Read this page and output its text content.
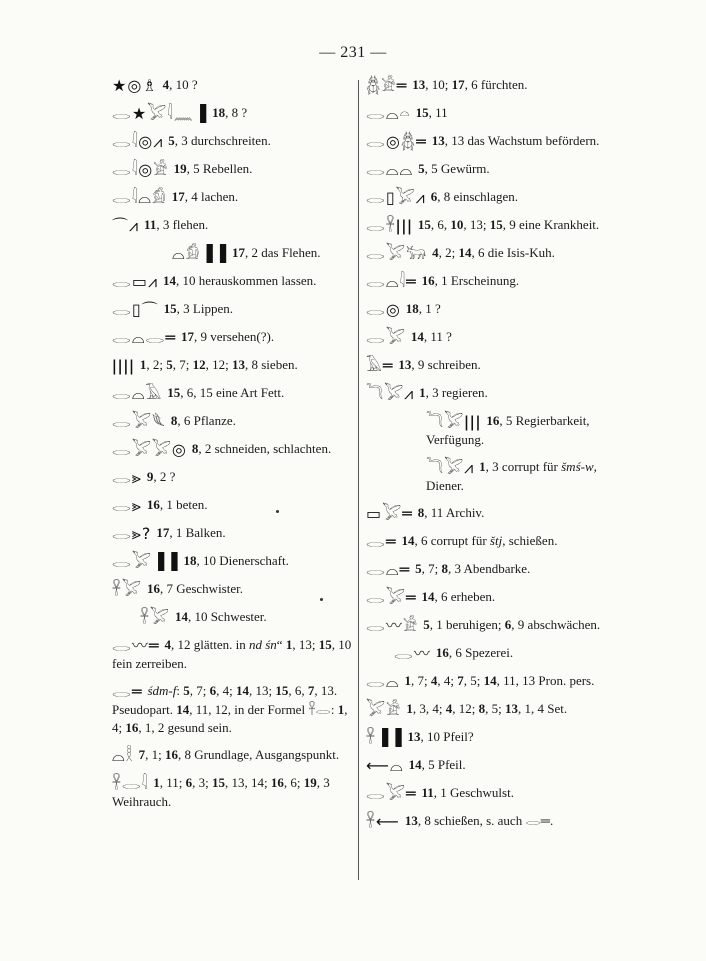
— 231 —
★◎♗ 4, 10 ?
𓂋★𓅯𓇋𓈖▐ 18, 8 ?
𓂋𓇋◎⩘ 5, 3 durchschreiten.
𓂋𓇋◎𓀀 19, 5 Rebellen.
𓂋𓇋⌓𓀁 17, 4 lachen.
⌒⩘ 11, 3 flehen.
⌓𓀁▐▐ 17, 2 das Flehen.
𓂋▭⩘ 14, 10 herauskommen lassen.
𓂋▯⌒ 15, 3 Lippen.
𓂋⌓𓂋═ 17, 9 versehen(?).
ǀǀǀǀ 1, 2; 5, 7; 12, 12; 13, 8 sieben.
𓂋⌓𓄿 15, 6, 15 eine Art Fett.
𓂋𓅯𓆰 8, 6 Pflanze.
𓂋𓅯𓅯◎ 8, 2 schneiden, schlachten.
𓂋⪢ 9, 2 ?
𓂋⪢ 16, 1 beten.
𓂋⪢? 17, 1 Balken.
𓂋𓅯▐▐ 18, 10 Dienerschaft.
𓋹𓅯 16, 7 Geschwister.
𓋹𓅯 14, 10 Schwester.
𓂋〰═ 4, 12 glätten. in nd śn“ 1, 13; 15, 10 fein zerreiben.
𓂋═ śdm-f: 5, 7; 6, 4; 14, 13; 15, 6, 7, 13. Pseudopart. 14, 11, 12, in der Formel 𓋹𓂋: 1, 4; 16, 1, 2 gesund sein.
⌓𓎛 7, 1; 16, 8 Grundlage, Ausgangspunkt.
𓋹𓂋𓇋 1, 11; 6, 3; 15, 13, 14; 16, 6; 19, 3 Weihrauch.
𓆣𓀀═ 13, 10; 17, 6 fürchten.
𓂋⌓𓏏 15, 11
𓂋◎𓆣═ 13, 13 das Wachstum befördern.
𓂋⌓⌓ 5, 5 Gewürm.
𓂋▯𓅯⩘ 6, 8 einschlagen.
𓂋𓋹ǀǀǀ 15, 6, 10, 13; 15, 9 eine Krankheit.
𓂋𓅯𓃒 4, 2; 14, 6 die Isis-Kuh.
𓂋⌓𓇋═ 16, 1 Erscheinung.
𓂋◎ 18, 1 ?
𓂋𓅯 14, 11 ?
𓄿═ 13, 9 schreiben.
𓆓𓅯⩘ 1, 3 regieren.
𓆓𓅯ǀǀǀ 16, 5 Regierbarkeit, Verfügung.
𓆓𓅯⩘ 1, 3 corrupt für šmś-w, Diener.
▭𓅯═ 8, 11 Archiv.
𓂋═ 14, 6 corrupt für štj, schießen.
𓂋⌓═ 5, 7; 8, 3 Abendbarke.
𓂋𓅯═ 14, 6 erheben.
𓂋〰𓀀 5, 1 beruhigen; 6, 9 abschwächen.
𓂋〰 16, 6 Spezerei.
𓂋⌓ 1, 7; 4, 4; 7, 5; 14, 11, 13 Pron. pers.
𓅯𓀀 1, 3, 4; 4, 12; 8, 5; 13, 1, 4 Set.
𓋹▐▐ 13, 10 Pfeil?
⟵⌓ 14, 5 Pfeil.
𓂋𓅯═ 11, 1 Geschwulst.
𓋹⟵ 13, 8 schießen, s. auch 𓂋═.
